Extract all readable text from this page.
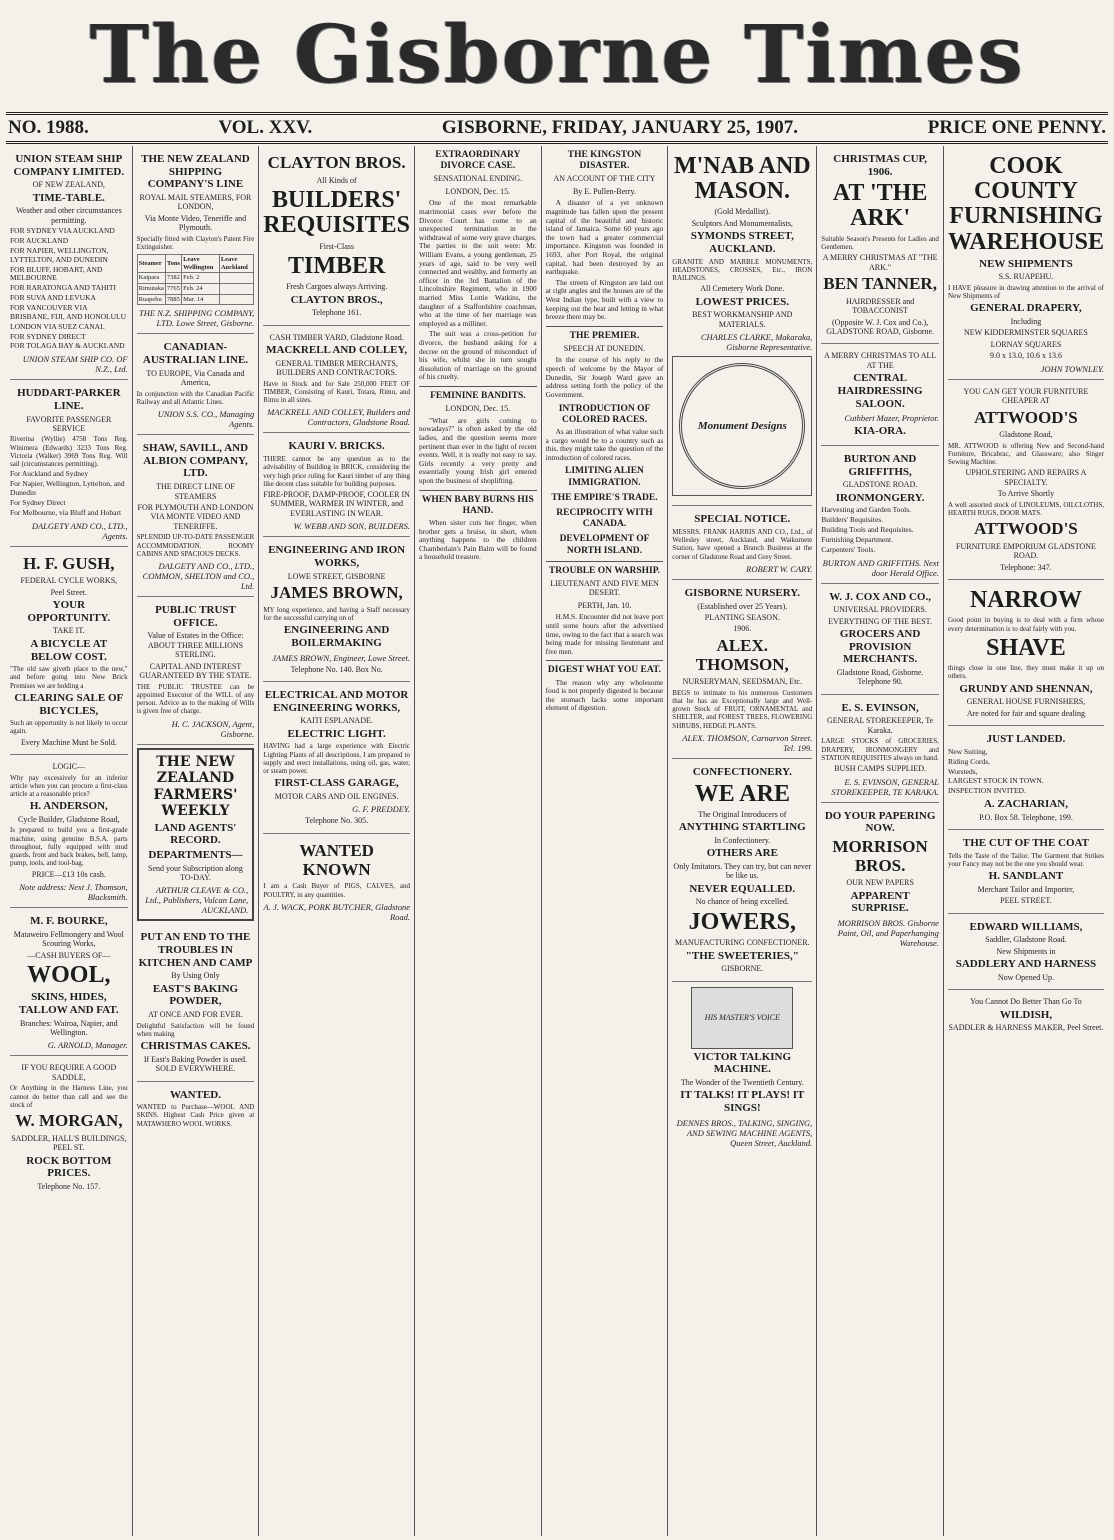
The Gisborne Times
NO. 1988.	VOL. XXV.	GISBORNE, FRIDAY, JANUARY 25, 1907.	PRICE ONE PENNY.
UNION STEAM SHIP COMPANY LIMITED.
OF NEW ZEALAND,
TIME-TABLE.
Weather and other circumstances permitting.
FOR SYDNEY VIA AUCKLAND
FOR AUCKLAND
FOR NAPIER, WELLINGTON, LYTTELTON, AND DUNEDIN
FOR BLUFF, HOBART, AND MELBOURNE
FOR RARATONGA AND TAHITI
FOR SUVA AND LEVUKA
FOR VANCOUVER VIA BRISBANE, FIJI, AND HONOLULU
LONDON VIA SUEZ CANAL
FOR SYDNEY DIRECT
FOR TOLAGA BAY & AUCKLAND
UNION STEAM SHIP CO. OF N.Z., Ltd.
HUDDART-PARKER LINE.
FAVORITE PASSENGER SERVICE

Riverina (Wyllie) 4758 Tons Reg. Winimera (Edwards) 3233 Tons Reg. Victoria (Walker) 3969 Tons Reg. Will sail (circumstances permitting).

For Auckland and Sydney
For Napier, Wellington, Lyttelton, and Dunedin
For Sydney Direct
For Melbourne, via Bluff and Hobart
DALGETY AND CO., LTD., Agents.
H. F. GUSH,
FEDERAL CYCLE WORKS,
Peel Street.
YOUR OPPORTUNITY.
TAKE IT.
A BICYCLE AT BELOW COST.

"The old saw giveth place to the new," and before going into New Brick Premises we are holding a

CLEARING SALE OF BICYCLES,

Such an opportunity is not likely to occur again.

Every Machine Must be Sold.
LOGIC—

Why pay excessively for an inferior article when you can procure a first-class article at a reasonable price?

H. ANDERSON,
Cycle Builder, Gladstone Road,

Is prepared to build you a first-grade machine, using genuine B.S.A. parts throughout, fully equipped with mud guards, front and back brakes, bell, lamp, pump, tools, and tool-bag.

PRICE—£13 10s cash.
Note address: Next J. Thomson, Blacksmith.
M. F. BOURKE,
Mataweiro Fellmongery and Wool Scouring Works,
—CASH BUYERS OF—
WOOL,
SKINS, HIDES, TALLOW AND FAT.
Branches: Wairoa, Napier, and Wellington.
G. ARNOLD, Manager.
IF YOU REQUIRE A GOOD SADDLE,

Or Anything in the Harness Line, you cannot do better than call and see the stock of

W. MORGAN,
SADDLER, HALL'S BUILDINGS, PEEL ST.
ROCK BOTTOM PRICES.
Telephone No. 157.
THE NEW ZEALAND SHIPPING COMPANY'S LINE
ROYAL MAIL STEAMERS, FOR LONDON,
Via Monte Video, Teneriffe and Plymouth.

Specially fitted with Clayton's Patent Fire Extinguisher.

Steamer	Tons	Leave Wellington	Leave Auckland
Kaipara	7382	Feb. 2	
Rimutaka	7765	Feb. 24	
Ruapehu	7885	Mar. 14	
THE N.Z. SHIPPING COMPANY, LTD. Lowe Street, Gisborne.
CANADIAN-AUSTRALIAN LINE.
TO EUROPE, Via Canada and America,

In conjunction with the Canadian Pacific Railway and all Atlantic Lines.

UNION S.S. CO., Managing Agents.
SHAW, SAVILL, AND ALBION COMPANY, LTD.
THE DIRECT LINE OF STEAMERS
FOR PLYMOUTH AND LONDON VIA MONTE VIDEO AND TENERIFFE.

SPLENDID UP-TO-DATE PASSENGER ACCOMMODATION. ROOMY CABINS AND SPACIOUS DECKS.

DALGETY AND CO., LTD., COMMON, SHELTON and CO., Ltd.
PUBLIC TRUST OFFICE.
Value of Estates in the Office: ABOUT THREE MILLIONS STERLING.
CAPITAL AND INTEREST GUARANTEED BY THE STATE.

THE PUBLIC TRUSTEE can be appointed Executor of the WILL of any person. Advice as to the making of Wills is given free of charge.

H. C. JACKSON, Agent, Gisborne.
THE NEW ZEALAND FARMERS' WEEKLY
LAND AGENTS' RECORD.
DEPARTMENTS—
Send your Subscription along TO-DAY.
ARTHUR CLEAVE & CO., Ltd., Publishers, Vulcan Lane, AUCKLAND.
PUT AN END TO THE TROUBLES IN KITCHEN AND CAMP
By Using Only
EAST'S BAKING POWDER,
AT ONCE AND FOR EVER.

Delightful Satisfaction will be found when making

CHRISTMAS CAKES.
If East's Baking Powder is used. SOLD EVERYWHERE.
WANTED.

WANTED to Purchase—WOOL AND SKINS. Highest Cash Price given at MATAWHERO WOOL WORKS.

CLAYTON BROS.
All Kinds of
BUILDERS' REQUISITES
First-Class
TIMBER
Fresh Cargoes always Arriving.
CLAYTON BROS.,
Telephone 161.
CASH TIMBER YARD, Gladstone Road.
MACKRELL AND COLLEY,
GENERAL TIMBER MERCHANTS, BUILDERS AND CONTRACTORS.

Have in Stock and for Sale 250,000 FEET OF TIMBER, Consisting of Kauri, Totara, Rimu, and Rimu in all sizes.

MACKRELL AND COLLEY, Builders and Contractors, Gladstone Road.
KAURI V. BRICKS.

THERE cannot be any question as to the advisability of Building in BRICK, considering the very high price ruling for Kauri timber of any thing like decent class suitable for building purposes.

FIRE-PROOF, DAMP-PROOF, COOLER IN SUMMER, WARMER IN WINTER, and EVERLASTING IN WEAR.
W. WEBB AND SON, BUILDERS.
ENGINEERING AND IRON WORKS,
LOWE STREET, GISBORNE
JAMES BROWN,

MY long experience, and having a Staff necessary for the successful carrying on of

ENGINEERING AND BOILERMAKING
JAMES BROWN, Engineer, Lowe Street.
Telephone No. 140. Box No.
ELECTRICAL AND MOTOR ENGINEERING WORKS,
KAITI ESPLANADE.
ELECTRIC LIGHT.

HAVING had a large experience with Electric Lighting Plants of all descriptions, I am prepared to supply and erect installations, using oil, gas, water, or steam power.

FIRST-CLASS GARAGE,
MOTOR CARS AND OIL ENGINES.
G. F. PREDDEY.
Telephone No. 305.
WANTED KNOWN

I am a Cash Buyer of PIGS, CALVES, and POULTRY, in any quantities.

A. J. WACK, PORK BUTCHER, Gladstone Road.
EXTRAORDINARY DIVORCE CASE.
SENSATIONAL ENDING.
LONDON, Dec. 15.

One of the most remarkable matrimonial cases ever before the Divorce Court has come to an unexpected termination in the withdrawal of some very grave charges. The parties to the suit were: Mr. William Evans, a young gentleman, 25 years of age, said to be very well connected and wealthy, and formerly an officer in the 3rd Battalion of the Lincolnshire Regiment, who in 1900 married Miss Lottie Watkins, the daughter of a Staffordshire coachman, who at the time of her marriage was employed as a milliner.

The suit was a cross-petition for divorce, the husband asking for a decree on the ground of misconduct of his wife, whilst she in turn sought dissolution of marriage on the ground of his cruelty.

FEMININE BANDITS.
LONDON, Dec. 15.

"What are girls coming to nowadays?" is often asked by the old ladies, and the question seems more pertinent than ever in the light of recent events. Well, it is really not easy to say. Girls recently a very pretty and essentially young Irish girl entered upon the business of shoplifting.

WHEN BABY BURNS HIS HAND.

When sister cuts her finger, when brother gets a bruise, in short, when anything happens to the children Chamberlain's Pain Balm will be found a household treasure.

THE KINGSTON DISASTER.
AN ACCOUNT OF THE CITY
By E. Pullen-Berry.

A disaster of a yet unknown magnitude has fallen upon the present capital of the beautiful and historic island of Jamaica. Some 60 years ago the town had a greater commercial importance. Kingston was founded in 1693, after Port Royal, the original capital, had been destroyed by an earthquake.

The streets of Kingston are laid out at right angles and the houses are of the West Indian type, built with a view to keeping out the heat and letting in what breeze there may be.

THE PREMIER.
SPEECH AT DUNEDIN.

In the course of his reply to the speech of welcome by the Mayor of Dunedin, Sir Joseph Ward gave an address setting forth the policy of the Government.

INTRODUCTION OF COLORED RACES.

As an illustration of what value such a cargo would be to a country such as this, they might take the question of the introduction of colored races.

LIMITING ALIEN IMMIGRATION.
THE EMPIRE'S TRADE.
RECIPROCITY WITH CANADA.
DEVELOPMENT OF NORTH ISLAND.
TROUBLE ON WARSHIP.
LIEUTENANT AND FIVE MEN DESERT.
PERTH, Jan. 10.

H.M.S. Encounter did not leave port until some hours after the advertised time, owing to the fact that a search was being made for missing lieutenant and five men.

DIGEST WHAT YOU EAT.

The reason why any wholesome food is not properly digested is because the stomach lacks some important element of digestion.

M'NAB AND MASON.
(Gold Medallist).
Sculptors And Monumentalists,
SYMONDS STREET, AUCKLAND.

GRANITE AND MARBLE MONUMENTS, HEADSTONES, CROSSES, Etc., IRON RAILINGS.

All Cemetery Work Done.
LOWEST PRICES.
BEST WORKMANSHIP AND MATERIALS.
CHARLES CLARKE, Makaraka, Gisborne Representative.
Monument Designs
SPECIAL NOTICE.

MESSRS. FRANK HARRIS AND CO., Ltd., of Wellesley street, Auckland, and Waikumete Station, have opened a Branch Business at the corner of Gladstone Road and Grey Street.

ROBERT W. CARY.
GISBORNE NURSERY.
(Established over 25 Years).
PLANTING SEASON.
1906.
ALEX. THOMSON,
NURSERYMAN, SEEDSMAN, Etc.

BEGS to intimate to his numerous Customers that he has an Exceptionally large and Well-grown Stock of FRUIT, ORNAMENTAL and SHELTER, and FOREST TREES, FLOWERING SHRUBS, HEDGE PLANTS.

ALEX. THOMSON, Carnarvon Street. Tel. 199.
CONFECTIONERY.
WE ARE
The Original Introducers of
ANYTHING STARTLING
In Confectionery.
OTHERS ARE
Only Imitators. They can try, but can never be like us.
NEVER EQUALLED.
No chance of being excelled.
JOWERS,
MANUFACTURING CONFECTIONER.
"THE SWEETERIES,"
GISBORNE.
HIS MASTER'S VOICE
VICTOR TALKING MACHINE.
The Wonder of the Twentieth Century.
IT TALKS! IT PLAYS! IT SINGS!
DENNES BROS., TALKING, SINGING, AND SEWING MACHINE AGENTS, Queen Street, Auckland.
CHRISTMAS CUP, 1906.
AT 'THE ARK'

Suitable Season's Presents for Ladies and Gentlemen.

A MERRY CHRISTMAS AT "THE ARK."
BEN TANNER,
HAIRDRESSER and TOBACCONIST
(Opposite W. J. Cox and Co.), GLADSTONE ROAD, Gisborne.
A MERRY CHRISTMAS TO ALL AT THE
CENTRAL HAIRDRESSING SALOON.
Cuthbert Mazer, Proprietor.
KIA-ORA.
BURTON AND GRIFFITHS,
GLADSTONE ROAD.
IRONMONGERY.
Harvesting and Garden Tools.
Builders' Requisites.
Building Tools and Requisites.
Furnishing Department.
Carpenters' Tools.
BURTON AND GRIFFITHS. Next door Herald Office.
W. J. COX AND CO.,
UNIVERSAL PROVIDERS.
EVERYTHING OF THE BEST.
GROCERS AND PROVISION MERCHANTS.
Gladstone Road, Gisborne. Telephone 90.
E. S. EVINSON,
GENERAL STOREKEEPER, Te Karaka.

LARGE STOCKS of GROCERIES, DRAPERY, IRONMONGERY and STATION REQUISITES always on hand.

BUSH CAMPS SUPPLIED.
E. S. EVINSON, GENERAL STOREKEEPER, TE KARAKA.
DO YOUR PAPERING NOW.
MORRISON BROS.
OUR NEW PAPERS
APPARENT SURPRISE.
MORRISON BROS. Gisborne Paint, Oil, and Paperhanging Warehouse.
COOK COUNTY FURNISHING WAREHOUSE
NEW SHIPMENTS
S.S. RUAPEHU.

I HAVE pleasure in drawing attention to the arrival of New Shipments of

GENERAL DRAPERY,
Including
NEW KIDDERMINSTER SQUARES
LORNAY SQUARES
9.0 x 13.0, 10.6 x 13.6
JOHN TOWNLEY.
YOU CAN GET YOUR FURNITURE CHEAPER AT
ATTWOOD'S
Gladstone Road,

MR. ATTWOOD is offering New and Second-hand Furniture, Bricabrac, and Glassware; also Singer Sewing Machine.

UPHOLSTERING AND REPAIRS A SPECIALTY.
To Arrive Shortly

A well assorted stock of LINOLEUMS, OILCLOTHS, HEARTH RUGS, DOOR MATS.

ATTWOOD'S
FURNITURE EMPORIUM GLADSTONE ROAD.
Telephone: 347.
NARROW

Good point in buying is to deal with a firm whose every determination is to deal fairly with you.

SHAVE

things close in one line, they must make it up on others.

GRUNDY AND SHENNAN,
GENERAL HOUSE FURNISHERS,
Are noted for fair and square dealing
JUST LANDED.
New Suiting,
Riding Cords,
Worsteds,
LARGEST STOCK IN TOWN.
INSPECTION INVITED.
A. ZACHARIAN,
P.O. Box 58. Telephone, 199.
THE CUT OF THE COAT

Tells the Taste of the Tailor. The Garment that Strikes your Fancy may not be the one you should wear.

H. SANDLANT
Merchant Tailor and Importer,
PEEL STREET.
EDWARD WILLIAMS,
Saddler, Gladstone Road.
New Shipments in
SADDLERY AND HARNESS
Now Opened Up.
You Cannot Do Better Than Go To
WILDISH,
SADDLER & HARNESS MAKER, Peel Street.
